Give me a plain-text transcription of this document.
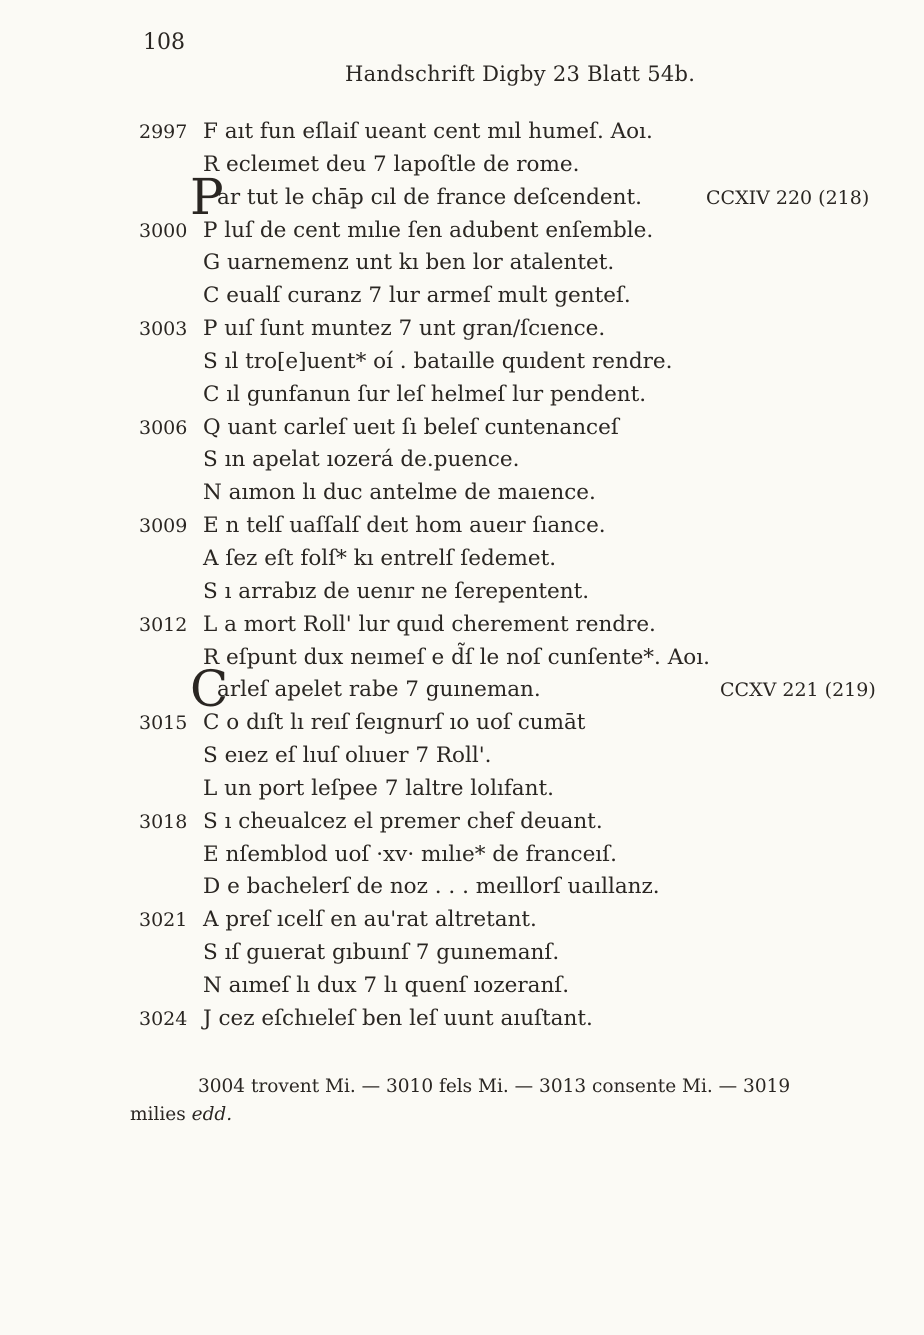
108
Handschrift Digby 23 Blatt 54b.
2997 F aıt fun eſlaiſ ueant cent mıl humeſ. Aoı.
R ecleımet deu 7 lapoſtle de rome.
P
ar tut le chāp cıl de france deſcendent.	CCXIV 220 (218)
3000 P luſ de cent mılıe ſen adubent enſemble.
G uarnemenz unt kı ben lor atalentet.
C eualſ curanz 7 lur armeſ mult genteſ.
3003 P uıſ ſunt muntez 7 unt gran/ſcıence.
S ıl tro[e]uent* oí . bataılle quıdent rendre.
C ıl gunfanun ſur leſ helmeſ lur pendent.
3006 Q uant carleſ ueıt ſı beleſ cuntenanceſ
S ın apelat ıozerá de.puence.
N aımon lı duc antelme de maıence.
3009 E n telſ uaſſalſ deıt hom aueır ſıance.
A ſez eſt folſ* kı entrelſ ſedemet.
S ı arrabız de uenır ne ſerepentent.
3012 L a mort Roll' lur quıd cherement rendre.
R eſpunt dux neımeſ e d̃ſ le noſ cunſente*. Aoı.
C
arleſ apelet rabe 7 guıneman.	CCXV 221 (219)
3015 C o dıſt lı reıſ ſeıgnurſ ıo uoſ cumāt
S eıez eſ lıuſ olıuer 7 Roll'.
L un port leſpee 7 laltre lolıfant.
3018 S ı cheualcez el premer chef deuant.
E nſemblod uoſ ·xv· mılıe* de franceıſ.
D e bachelerſ de noz . . . meıllorſ uaıllanz.
3021 A preſ ıcelſ en au'rat altretant.
S ıſ guıerat gıbuınſ 7 guınemanſ.
N aımeſ lı dux 7 lı quenſ ıozeranſ.
3024 J cez eſchıeleſ ben leſ uunt aıuſtant.
3004 trovent Mi. — 3010 fels Mi. — 3013 consente Mi. — 3019
milies edd.
